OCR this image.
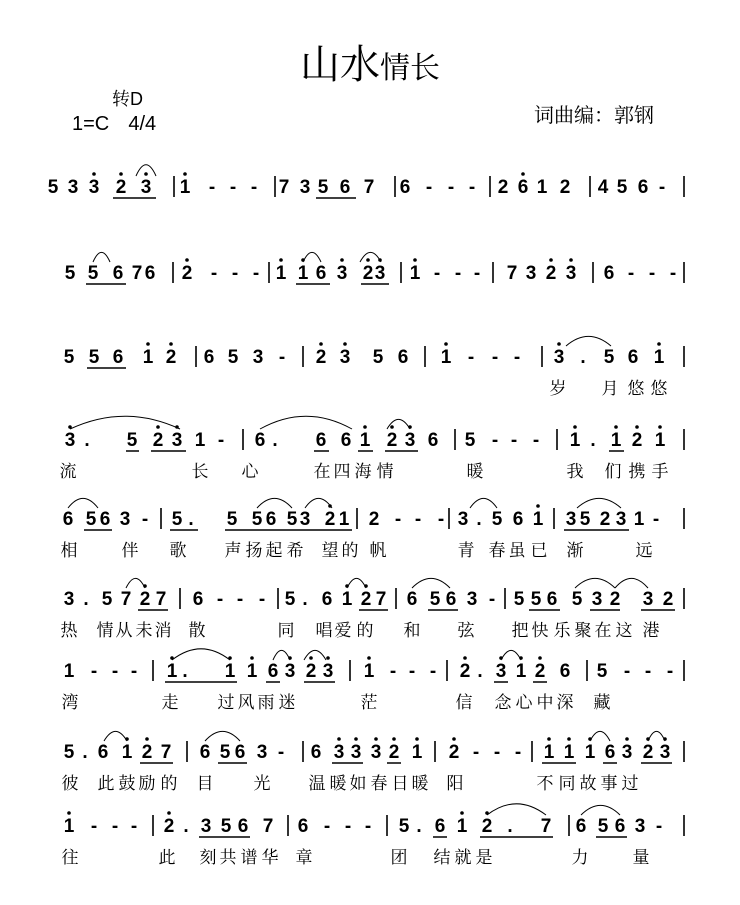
山水情长
转D
1=C 4/4	词曲编：郭钢
5 3 3 2 3 1 - - - 7 3 5 6 7 6 - - - 2 6 1 2 4 5 6 -
5 5 6 7 6 2 - - - 1 1 6 3 2 3 1 - - - 7 3 2 3 6 - - -
5 5 6 1 2 6 5 3 - 2 3 5 6 1 - - - 3 . 5 6 1
岁 月 悠 悠
3 . 5 2 3 1 - 6 . 6 6 1 2 3 6 5 - - - 1 . 1 2 1
流	长 心	在 四 海 情	暖	我 们 携 手
6 5 6 3 - 5 . 5 5 6 5 3 2 1 2 - - - 3 . 5 6 1 3 5 2 3 1 -
相	伴 歌 声 扬 起 希 望 的 帆	青 春 虽 已 渐	远
3 . 5 7 2 7 6 - - - 5 . 6 1 2 7 6 5 6 3 - 5 5 6 5 3 2 3 2
热 情 从 未 消 散	同 唱 爱 的 和 弦 把 快 乐 聚 在 这 港
1 - - - 1 . 1 1 6 3 2 3 1 - - - 2 . 3 1 2 6 5 - - -
湾	走 过 风 雨 迷	茫	信 念 心 中 深 藏
5 . 6 1 2 7 6 5 6 3 - 6 3 3 3 2 1 2 - - - 1 1 1 6 3 2 3
彼 此 鼓 励 的 目 光 温 暖 如 春 日 暖 阳	不 同 故 事 过
1 - - - 2 . 3 5 6 7 6 - - - 5 . 6 1 2 . 7 6 5 6 3 -
往	此 刻 共 谱 华 章	团 结 就 是	力	量
